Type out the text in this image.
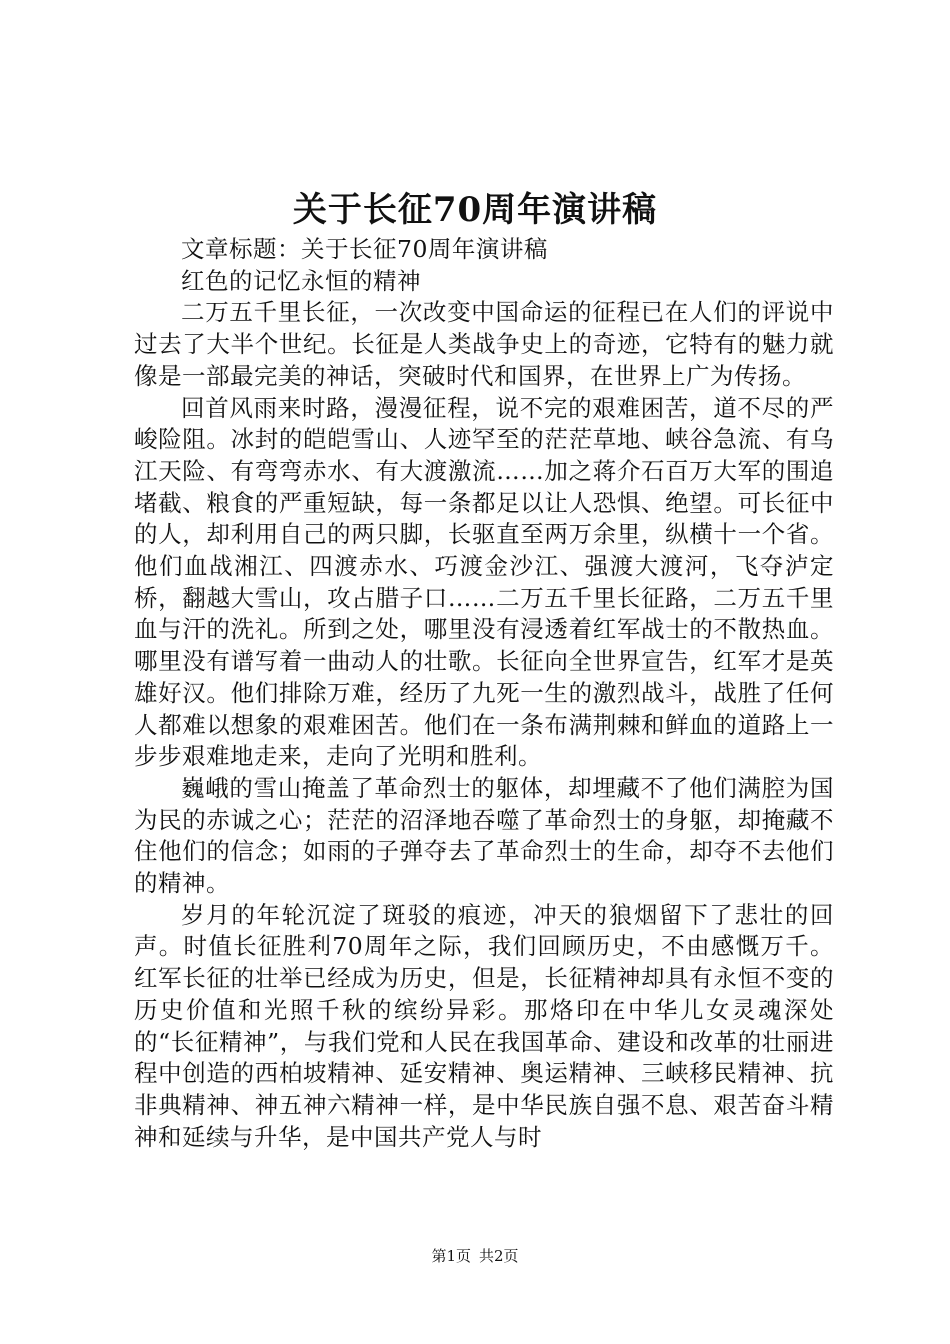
关于长征70周年演讲稿

文章标题：关于长征70周年演讲稿

红色的记忆永恒的精神

二万五千里长征，一次改变中国命运的征程已在人们的评说中过去了大半个世纪。长征是人类战争史上的奇迹，它特有的魅力就像是一部最完美的神话，突破时代和国界，在世界上广为传扬。

回首风雨来时路，漫漫征程，说不完的艰难困苦，道不尽的严峻险阻。冰封的皑皑雪山、人迹罕至的茫茫草地、峡谷急流、有乌江天险、有弯弯赤水、有大渡激流……加之蒋介石百万大军的围追堵截、粮食的严重短缺，每一条都足以让人恐惧、绝望。可长征中的人，却利用自己的两只脚，长驱直至两万余里，纵横十一个省。他们血战湘江、四渡赤水、巧渡金沙江、强渡大渡河，飞夺泸定桥，翻越大雪山，攻占腊子口……二万五千里长征路，二万五千里血与汗的洗礼。所到之处，哪里没有浸透着红军战士的不散热血。哪里没有谱写着一曲动人的壮歌。长征向全世界宣告，红军才是英雄好汉。他们排除万难，经历了九死一生的激烈战斗，战胜了任何人都难以想象的艰难困苦。他们在一条布满荆棘和鲜血的道路上一步步艰难地走来，走向了光明和胜利。

巍峨的雪山掩盖了革命烈士的躯体，却埋藏不了他们满腔为国为民的赤诚之心；茫茫的沼泽地吞噬了革命烈士的身躯，却掩藏不住他们的信念；如雨的子弹夺去了革命烈士的生命，却夺不去他们的精神。

岁月的年轮沉淀了斑驳的痕迹，冲天的狼烟留下了悲壮的回声。时值长征胜利70周年之际，我们回顾历史，不由感慨万千。红军长征的壮举已经成为历史，但是，长征精神却具有永恒不变的历史价值和光照千秋的缤纷异彩。那烙印在中华儿女灵魂深处的“长征精神”，与我们党和人民在我国革命、建设和改革的壮丽进程中创造的西柏坡精神、延安精神、奥运精神、三峡移民精神、抗非典精神、神五神六精神一样，是中华民族自强不息、艰苦奋斗精神和延续与升华，是中国共产党人与时

第1页 共2页
